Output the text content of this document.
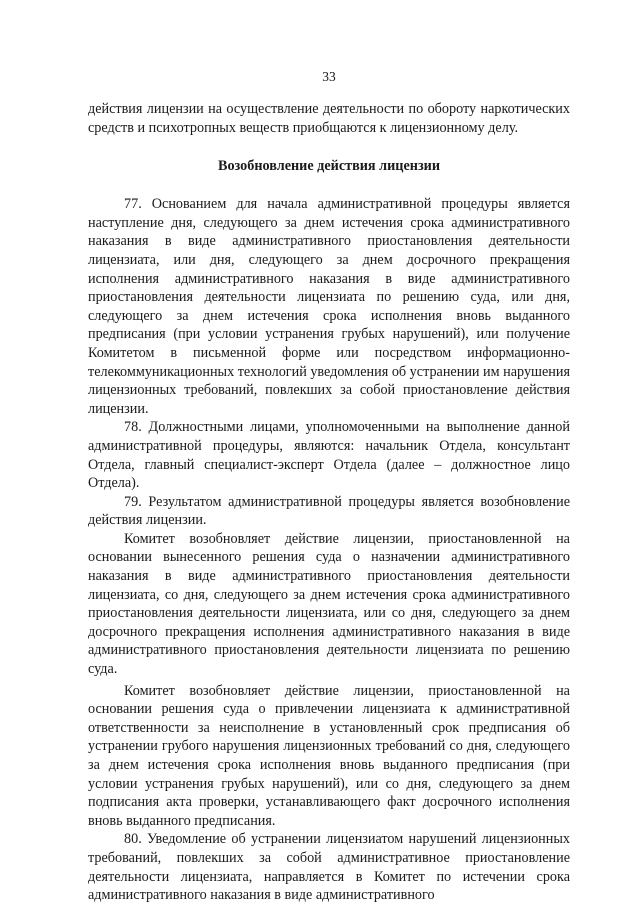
33

действия лицензии на осуществление деятельности по обороту наркотических средств и психотропных веществ приобщаются к лицензионному делу.

Возобновление действия лицензии

77. Основанием для начала административной процедуры является наступление дня, следующего за днем истечения срока административного наказания в виде административного приостановления деятельности лицензиата, или дня, следующего за днем досрочного прекращения исполнения административного наказания в виде административного приостановления деятельности лицензиата по решению суда, или дня, следующего за днем истечения срока исполнения вновь выданного предписания (при условии устранения грубых нарушений), или получение Комитетом в письменной форме или посредством информационно-телекоммуникационных технологий уведомления об устранении им нарушения лицензионных требований, повлекших за собой приостановление действия лицензии.

78. Должностными лицами, уполномоченными на выполнение данной административной процедуры, являются: начальник Отдела, консультант Отдела, главный специалист-эксперт Отдела (далее – должностное лицо Отдела).

79. Результатом административной процедуры является возобновление действия лицензии.

Комитет возобновляет действие лицензии, приостановленной на основании вынесенного решения суда о назначении административного наказания в виде административного приостановления деятельности лицензиата, со дня, следующего за днем истечения срока административного приостановления деятельности лицензиата, или со дня, следующего за днем досрочного прекращения исполнения административного наказания в виде административного приостановления деятельности лицензиата по решению суда.

Комитет возобновляет действие лицензии, приостановленной на основании решения суда о привлечении лицензиата к административной ответственности за неисполнение в установленный срок предписания об устранении грубого нарушения лицензионных требований со дня, следующего за днем истечения срока исполнения вновь выданного предписания (при условии устранения грубых нарушений), или со дня, следующего за днем подписания акта проверки, устанавливающего факт досрочного исполнения вновь выданного предписания.

80. Уведомление об устранении лицензиатом нарушений лицензионных требований, повлекших за собой административное приостановление деятельности лицензиата, направляется в Комитет по истечении срока административного наказания в виде административного
